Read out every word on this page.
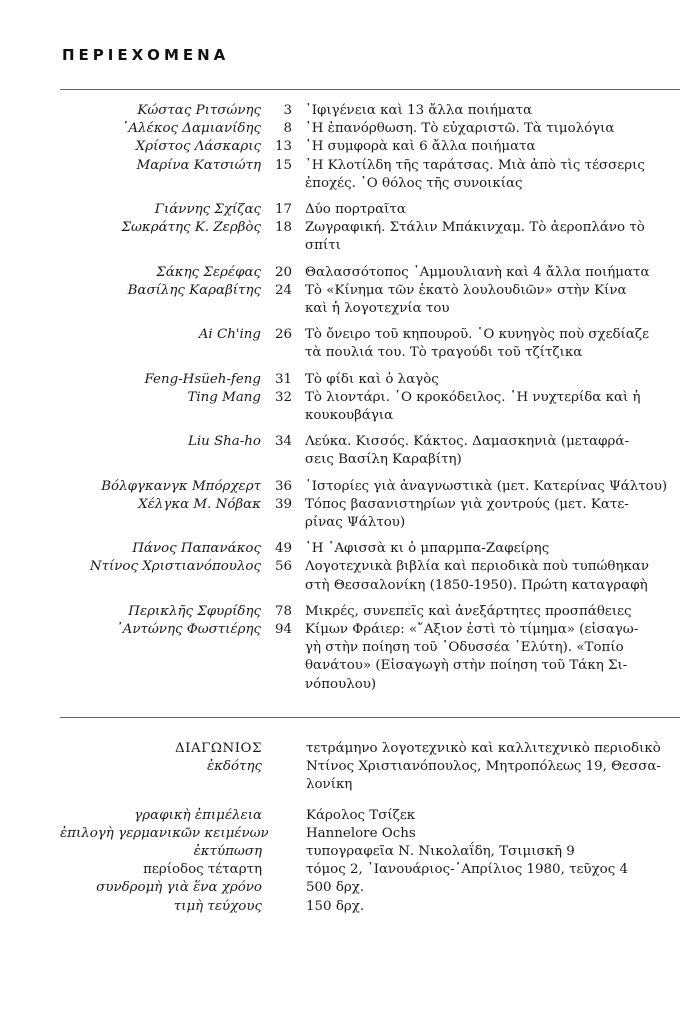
ΠΕΡΙΕΧΟΜΕΝΑ
Κώστας Ριτσώνης	3 ᾿Ιφιγένεια καὶ 13 ἄλλα ποιήματα
᾿Αλέκος Δαμιανίδης	8 ῾Η ἐπανόρθωση. Τὸ εὐχαριστῶ. Τὰ τιμολόγια
Χρίστος Λάσκαρις	13 ῾Η συμφορὰ καὶ 6 ἄλλα ποιήματα
Μαρίνα Κατσιώτη	15 ῾Η Κλοτίλδη τῆς ταράτσας. Μιὰ ἀπὸ τὶς τέσσερις
ἐποχές. ῾Ο θόλος τῆς συνοικίας
Γιάννης Σχίζας	17 Δύο πορτραῖτα
Σωκράτης Κ. Ζερβὸς	18 Ζωγραφική. Στάλιν Μπάκινχαμ. Τὸ ἀεροπλάνο τὸ
σπίτι
Σάκης Σερέφας	20 Θαλασσότοπος ᾿Αμμουλιανὴ καὶ 4 ἄλλα ποιήματα
Βασίλης Καραβίτης	24 Τὸ «Κίνημα τῶν ἑκατὸ λουλουδιῶν» στὴν Κίνα
καὶ ἡ λογοτεχνία του
Ai Ch'ing	26 Τὸ ὄνειρο τοῦ κηπουροῦ. ῾Ο κυνηγὸς ποὺ σχεδίαζε
τὰ πουλιά του. Τὸ τραγούδι τοῦ τζίτζικα
Feng-Hsüeh-feng	31 Τὸ φίδι καὶ ὁ λαγὸς
Ting Mang	32 Τὸ λιοντάρι. ῾Ο κροκόδειλος. ῾Η νυχτερίδα καὶ ἡ
κουκουβάγια
Liu Sha-ho	34 Λεύκα. Κισσός. Κάκτος. Δαμασκηνιὰ (μεταφρά-
σεις Βασίλη Καραβίτη)
Βόλφγκανγκ Μπόρχερτ	36 ῾Ιστορίες γιὰ ἀναγνωστικὰ (μετ. Κατερίνας Ψάλτου)
Χέλγκα Μ. Νόβακ	39 Τόπος βασανιστηρίων γιὰ χοντρούς (μετ. Κατε-
ρίνας Ψάλτου)
Πάνος Παπανάκος	49 ῾Η ᾿Αφισσὰ κι ὁ μπαρμπα-Ζαφείρης
Ντίνος Χριστιανόπουλος	56 Λογοτεχνικὰ βιβλία καὶ περιοδικὰ ποὺ τυπώθηκαν
στὴ Θεσσαλονίκη (1850-1950). Πρώτη καταγραφὴ
Περικλῆς Σφυρίδης	78 Μικρές, συνεπεῖς καὶ ἀνεξάρτητες προσπάθειες
᾿Αντώνης Φωστιέρης	94 Κίμων Φράιερ: «῎Αξιον ἐστὶ τὸ τίμημα» (εἰσαγω-
γὴ στὴν ποίηση τοῦ ᾿Οδυσσέα ᾿Ελύτη). «Τοπίο
θανάτου» (Εἰσαγωγὴ στὴν ποίηση τοῦ Τάκη Σι-
νόπουλου)
ΔΙΑΓΩΝΙΟΣ	τετράμηνο λογοτεχνικὸ καὶ καλλιτεχνικὸ περιοδικὸ
ἐκδότης	Ντίνος Χριστιανόπουλος, Μητροπόλεως 19, Θεσσα-
λονίκη
γραφικὴ ἐπιμέλεια	Κάρολος Τσίζεκ
ἐπιλογὴ γερμανικῶν κειμένων	Hannelore Ochs
ἐκτύπωση	τυπογραφεῖα Ν. Νικολαΐδη, Τσιμισκῆ 9
περίοδος τέταρτη	τόμος 2, ᾿Ιανουάριος-᾿Απρίλιος 1980, τεῦχος 4
συνδρομὴ γιὰ ἕνα χρόνο	500 δρχ.
τιμὴ τεύχους	150 δρχ.
